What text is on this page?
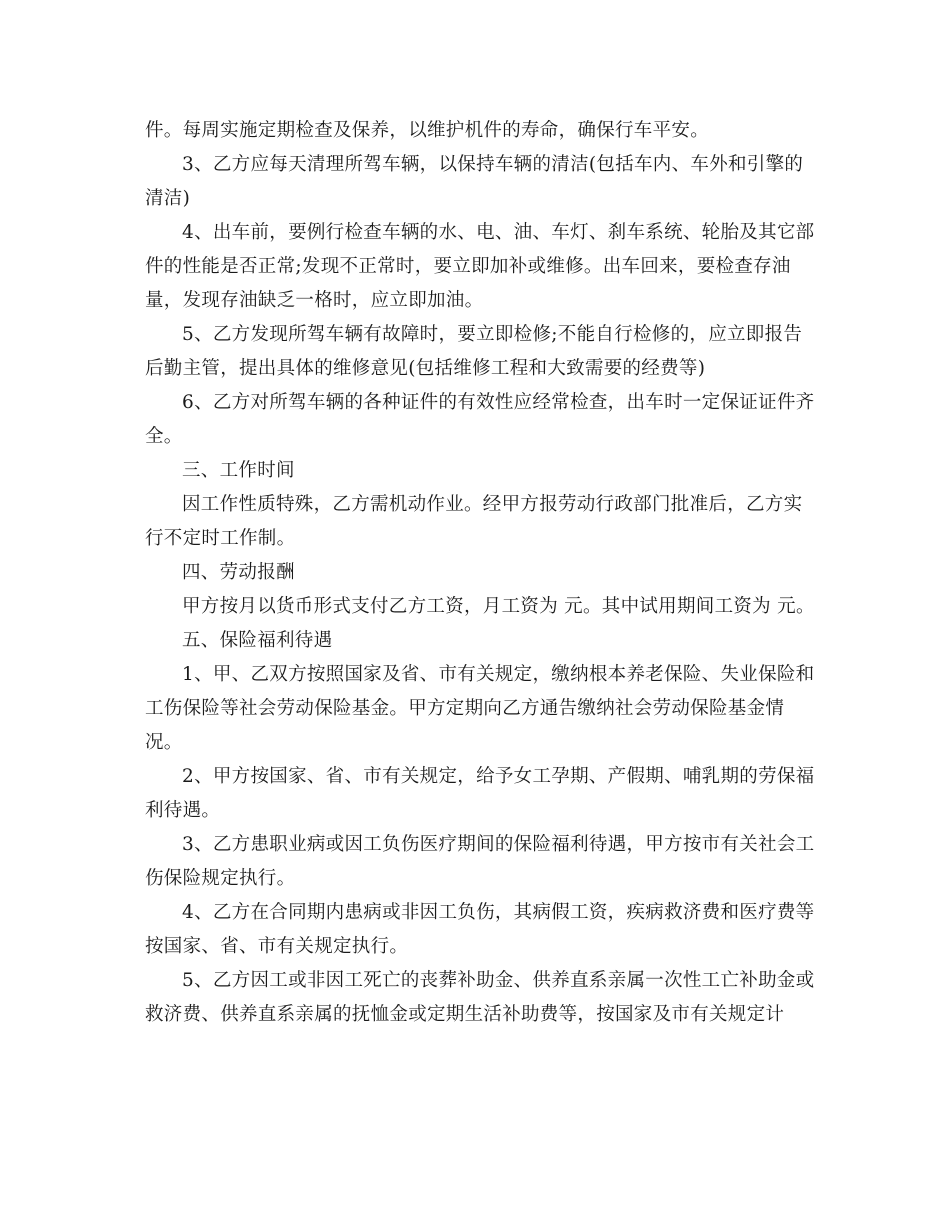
件。每周实施定期检查及保养，以维护机件的寿命，确保行车平安。

3、乙方应每天清理所驾车辆，以保持车辆的清洁(包括车内、车外和引擎的
清洁)

4、出车前，要例行检查车辆的水、电、油、车灯、刹车系统、轮胎及其它部
件的性能是否正常;发现不正常时，要立即加补或维修。出车回来，要检查存油
量，发现存油缺乏一格时，应立即加油。

5、乙方发现所驾车辆有故障时，要立即检修;不能自行检修的，应立即报告
后勤主管，提出具体的维修意见(包括维修工程和大致需要的经费等)

6、乙方对所驾车辆的各种证件的有效性应经常检查，出车时一定保证证件齐
全。

三、工作时间

因工作性质特殊，乙方需机动作业。经甲方报劳动行政部门批准后，乙方实
行不定时工作制。

四、劳动报酬

甲方按月以货币形式支付乙方工资，月工资为 元。其中试用期间工资为 元。

五、保险福利待遇

1、甲、乙双方按照国家及省、市有关规定，缴纳根本养老保险、失业保险和
工伤保险等社会劳动保险基金。甲方定期向乙方通告缴纳社会劳动保险基金情
况。

2、甲方按国家、省、市有关规定，给予女工孕期、产假期、哺乳期的劳保福
利待遇。

3、乙方患职业病或因工负伤医疗期间的保险福利待遇，甲方按市有关社会工
伤保险规定执行。

4、乙方在合同期内患病或非因工负伤，其病假工资，疾病救济费和医疗费等
按国家、省、市有关规定执行。

5、乙方因工或非因工死亡的丧葬补助金、供养直系亲属一次性工亡补助金或
救济费、供养直系亲属的抚恤金或定期生活补助费等，按国家及市有关规定计
